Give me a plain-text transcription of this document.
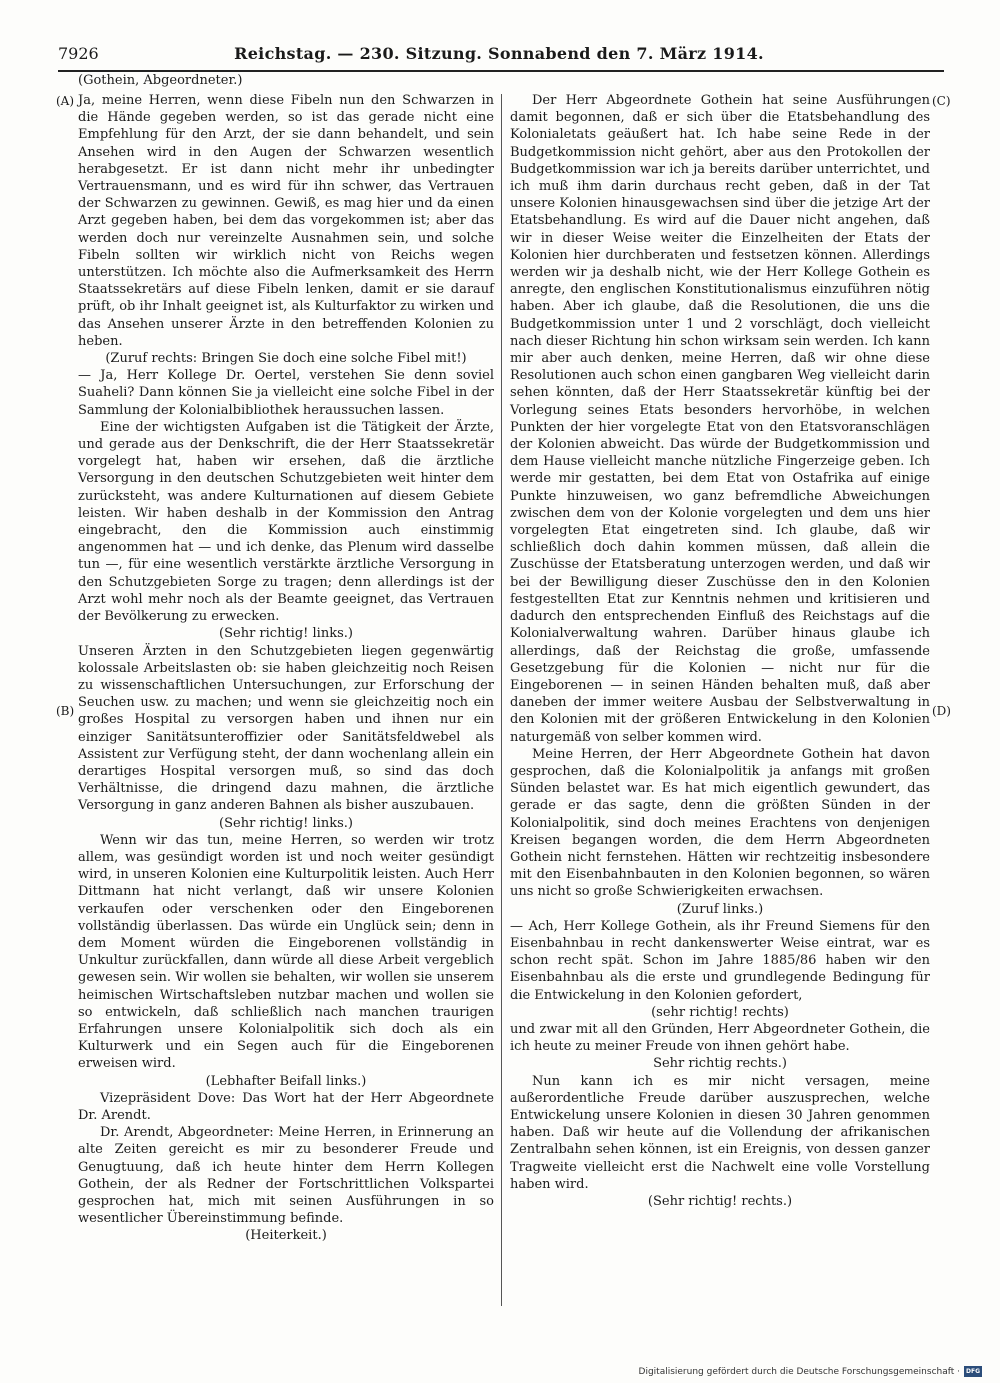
7926	Reichstag. — 230. Sitzung. Sonnabend den 7. März 1914.
(Gothein, Abgeordneter.)
(A)
(B)
(C)
(D)

Ja, meine Herren, wenn diese Fibeln nun den Schwarzen in die Hände gegeben werden, so ist das gerade nicht eine Empfehlung für den Arzt, der sie dann behandelt, und sein Ansehen wird in den Augen der Schwarzen wesentlich herabgesetzt. Er ist dann nicht mehr ihr unbedingter Vertrauensmann, und es wird für ihn schwer, das Vertrauen der Schwarzen zu gewinnen. Gewiß, es mag hier und da einen Arzt gegeben haben, bei dem das vorgekommen ist; aber das werden doch nur vereinzelte Ausnahmen sein, und solche Fibeln sollten wir wirklich nicht von Reichs wegen unterstützen. Ich möchte also die Aufmerksamkeit des Herrn Staatssekretärs auf diese Fibeln lenken, damit er sie darauf prüft, ob ihr Inhalt geeignet ist, als Kulturfaktor zu wirken und das Ansehen unserer Ärzte in den betreffenden Kolonien zu heben.

(Zuruf rechts: Bringen Sie doch eine solche Fibel mit!)

— Ja, Herr Kollege Dr. Oertel, verstehen Sie denn soviel Suaheli? Dann können Sie ja vielleicht eine solche Fibel in der Sammlung der Kolonialbibliothek heraussuchen lassen.

Eine der wichtigsten Aufgaben ist die Tätigkeit der Ärzte, und gerade aus der Denkschrift, die der Herr Staatssekretär vorgelegt hat, haben wir ersehen, daß die ärztliche Versorgung in den deutschen Schutzgebieten weit hinter dem zurücksteht, was andere Kulturnationen auf diesem Gebiete leisten. Wir haben deshalb in der Kommission den Antrag eingebracht, den die Kommission auch einstimmig angenommen hat — und ich denke, das Plenum wird dasselbe tun —, für eine wesentlich verstärkte ärztliche Versorgung in den Schutzgebieten Sorge zu tragen; denn allerdings ist der Arzt wohl mehr noch als der Beamte geeignet, das Vertrauen der Bevölkerung zu erwecken.

(Sehr richtig! links.)

Unseren Ärzten in den Schutzgebieten liegen gegenwärtig kolossale Arbeitslasten ob: sie haben gleichzeitig noch Reisen zu wissenschaftlichen Untersuchungen, zur Erforschung der Seuchen usw. zu machen; und wenn sie gleichzeitig noch ein großes Hospital zu versorgen haben und ihnen nur ein einziger Sanitätsunteroffizier oder Sanitätsfeldwebel als Assistent zur Verfügung steht, der dann wochenlang allein ein derartiges Hospital versorgen muß, so sind das doch Verhältnisse, die dringend dazu mahnen, die ärztliche Versorgung in ganz anderen Bahnen als bisher auszubauen.

(Sehr richtig! links.)

Wenn wir das tun, meine Herren, so werden wir trotz allem, was gesündigt worden ist und noch weiter gesündigt wird, in unseren Kolonien eine Kulturpolitik leisten. Auch Herr Dittmann hat nicht verlangt, daß wir unsere Kolonien verkaufen oder verschenken oder den Eingeborenen vollständig überlassen. Das würde ein Unglück sein; denn in dem Moment würden die Eingeborenen vollständig in Unkultur zurückfallen, dann würde all diese Arbeit vergeblich gewesen sein. Wir wollen sie behalten, wir wollen sie unserem heimischen Wirtschaftsleben nutzbar machen und wollen sie so entwickeln, daß schließlich nach manchen traurigen Erfahrungen unsere Kolonialpolitik sich doch als ein Kulturwerk und ein Segen auch für die Eingeborenen erweisen wird.

(Lebhafter Beifall links.)

Vizepräsident Dove: Das Wort hat der Herr Abgeordnete Dr. Arendt.

Dr. Arendt, Abgeordneter: Meine Herren, in Erinnerung an alte Zeiten gereicht es mir zu besonderer Freude und Genugtuung, daß ich heute hinter dem Herrn Kollegen Gothein, der als Redner der Fortschrittlichen Volkspartei gesprochen hat, mich mit seinen Ausführungen in so wesentlicher Übereinstimmung befinde.

(Heiterkeit.)

Der Herr Abgeordnete Gothein hat seine Ausführungen damit begonnen, daß er sich über die Etatsbehandlung des Kolonialetats geäußert hat. Ich habe seine Rede in der Budgetkommission nicht gehört, aber aus den Protokollen der Budgetkommission war ich ja bereits darüber unterrichtet, und ich muß ihm darin durchaus recht geben, daß in der Tat unsere Kolonien hinausgewachsen sind über die jetzige Art der Etatsbehandlung. Es wird auf die Dauer nicht angehen, daß wir in dieser Weise weiter die Einzelheiten der Etats der Kolonien hier durchberaten und festsetzen können. Allerdings werden wir ja deshalb nicht, wie der Herr Kollege Gothein es anregte, den englischen Konstitutionalismus einzuführen nötig haben. Aber ich glaube, daß die Resolutionen, die uns die Budgetkommission unter 1 und 2 vorschlägt, doch vielleicht nach dieser Richtung hin schon wirksam sein werden. Ich kann mir aber auch denken, meine Herren, daß wir ohne diese Resolutionen auch schon einen gangbaren Weg vielleicht darin sehen könnten, daß der Herr Staatssekretär künftig bei der Vorlegung seines Etats besonders hervorhöbe, in welchen Punkten der hier vorgelegte Etat von den Etatsvoranschlägen der Kolonien abweicht. Das würde der Budgetkommission und dem Hause vielleicht manche nützliche Fingerzeige geben. Ich werde mir gestatten, bei dem Etat von Ostafrika auf einige Punkte hinzuweisen, wo ganz befremdliche Abweichungen zwischen dem von der Kolonie vorgelegten und dem uns hier vorgelegten Etat eingetreten sind. Ich glaube, daß wir schließlich doch dahin kommen müssen, daß allein die Zuschüsse der Etatsberatung unterzogen werden, und daß wir bei der Bewilligung dieser Zuschüsse den in den Kolonien festgestellten Etat zur Kenntnis nehmen und kritisieren und dadurch den entsprechenden Einfluß des Reichstags auf die Kolonialverwaltung wahren. Darüber hinaus glaube ich allerdings, daß der Reichstag die große, umfassende Gesetzgebung für die Kolonien — nicht nur für die Eingeborenen — in seinen Händen behalten muß, daß aber daneben der immer weitere Ausbau der Selbstverwaltung in den Kolonien mit der größeren Entwickelung in den Kolonien naturgemäß von selber kommen wird.

Meine Herren, der Herr Abgeordnete Gothein hat davon gesprochen, daß die Kolonialpolitik ja anfangs mit großen Sünden belastet war. Es hat mich eigentlich gewundert, das gerade er das sagte, denn die größten Sünden in der Kolonialpolitik, sind doch meines Erachtens von denjenigen Kreisen begangen worden, die dem Herrn Abgeordneten Gothein nicht fernstehen. Hätten wir rechtzeitig insbesondere mit den Eisenbahnbauten in den Kolonien begonnen, so wären uns nicht so große Schwierigkeiten erwachsen.

(Zuruf links.)

— Ach, Herr Kollege Gothein, als ihr Freund Siemens für den Eisenbahnbau in recht dankenswerter Weise eintrat, war es schon recht spät. Schon im Jahre 1885/86 haben wir den Eisenbahnbau als die erste und grundlegende Bedingung für die Entwickelung in den Kolonien gefordert,

(sehr richtig! rechts)

und zwar mit all den Gründen, Herr Abgeordneter Gothein, die ich heute zu meiner Freude von ihnen gehört habe.

Sehr richtig rechts.)

Nun kann ich es mir nicht versagen, meine außerordentliche Freude darüber auszusprechen, welche Entwickelung unsere Kolonien in diesen 30 Jahren genommen haben. Daß wir heute auf die Vollendung der afrikanischen Zentralbahn sehen können, ist ein Ereignis, von dessen ganzer Tragweite vielleicht erst die Nachwelt eine volle Vorstellung haben wird.

(Sehr richtig! rechts.)

Digitalisierung gefördert durch die Deutsche Forschungsgemeinschaft · DFG
